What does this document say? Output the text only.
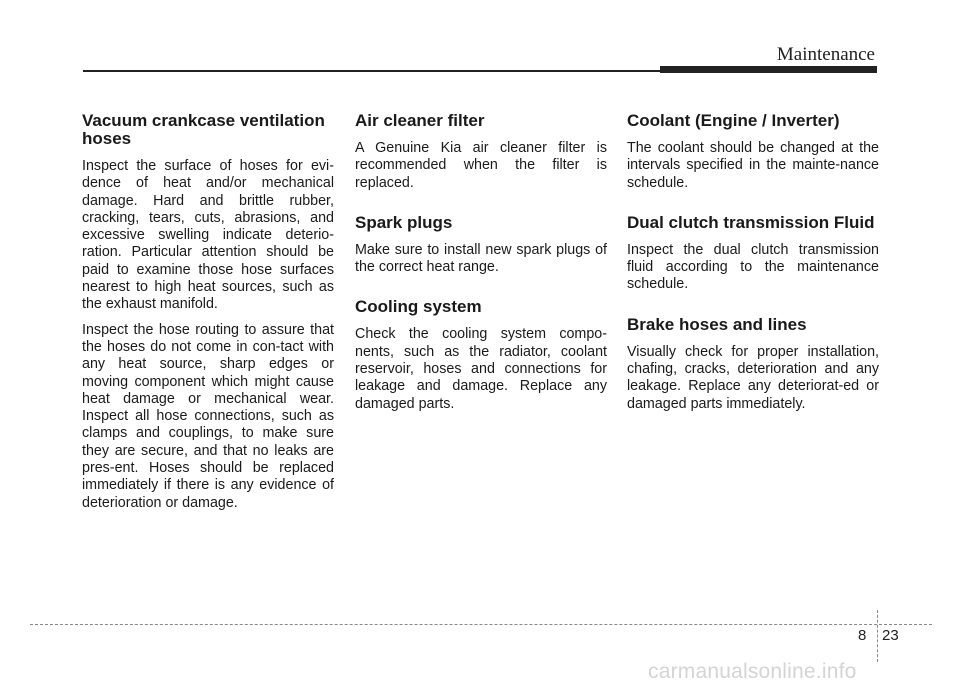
Maintenance
Vacuum crankcase ventilation hoses

Inspect the surface of hoses for evi-dence of heat and/or mechanical damage. Hard and brittle rubber, cracking, tears, cuts, abrasions, and excessive swelling indicate deterio-ration. Particular attention should be paid to examine those hose surfaces nearest to high heat sources, such as the exhaust manifold.

Inspect the hose routing to assure that the hoses do not come in con-tact with any heat source, sharp edges or moving component which might cause heat damage or mechanical wear. Inspect all hose connections, such as clamps and couplings, to make sure they are secure, and that no leaks are pres-ent. Hoses should be replaced immediately if there is any evidence of deterioration or damage.

Air cleaner filter

A Genuine Kia air cleaner filter is recommended when the filter is replaced.

Spark plugs

Make sure to install new spark plugs of the correct heat range.

Cooling system

Check the cooling system compo-nents, such as the radiator, coolant reservoir, hoses and connections for leakage and damage. Replace any damaged parts.

Coolant (Engine / Inverter)

The coolant should be changed at the intervals specified in the mainte-nance schedule.

Dual clutch transmission Fluid

Inspect the dual clutch transmission fluid according to the maintenance schedule.

Brake hoses and lines

Visually check for proper installation, chafing, cracks, deterioration and any leakage. Replace any deteriorat-ed or damaged parts immediately.

8 23
carmanualsonline.info
